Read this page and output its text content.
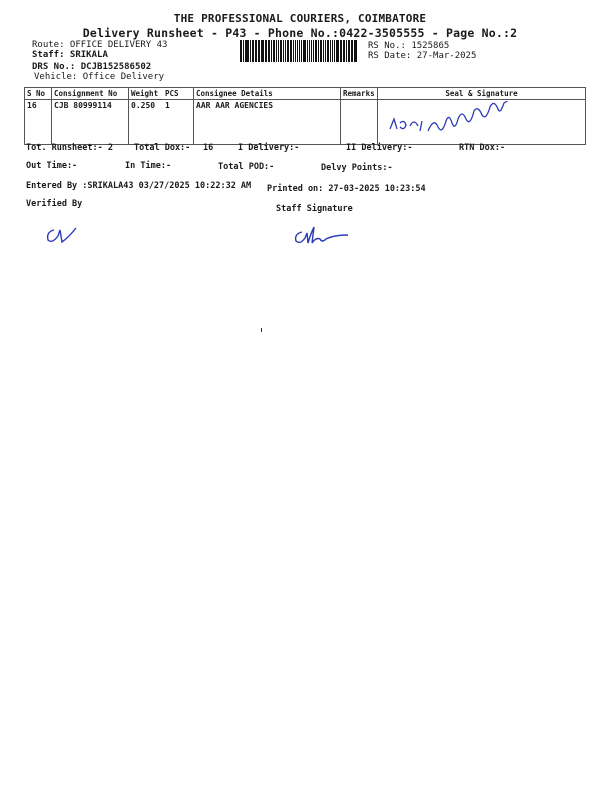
THE PROFESSIONAL COURIERS, COIMBATORE
Delivery Runsheet - P43 - Phone No.:0422-3505555 - Page No.:2
Route: OFFICE DELIVERY 43
Staff: SRIKALA
DRS No.: DCJB152586502
Vehicle: Office Delivery
RS No.: 1525865
RS Date: 27-Mar-2025
S No	Consignment No	Weight	PCS	Consignee Details	Remarks	Seal & Signature
16	CJB 80999114	0.250	1	AAR AAR AGENCIES		
Tot. Runsheet:- 2 Total Dox:- 16	I Delivery:-	II Delivery:-	RTN Dox:-
Out Time:-	In Time:-	Total POD:-	Delvy Points:-
Entered By :SRIKALA43 03/27/2025 10:22:32 AM Printed on: 27-03-2025 10:23:54
Verified By	Staff Signature
